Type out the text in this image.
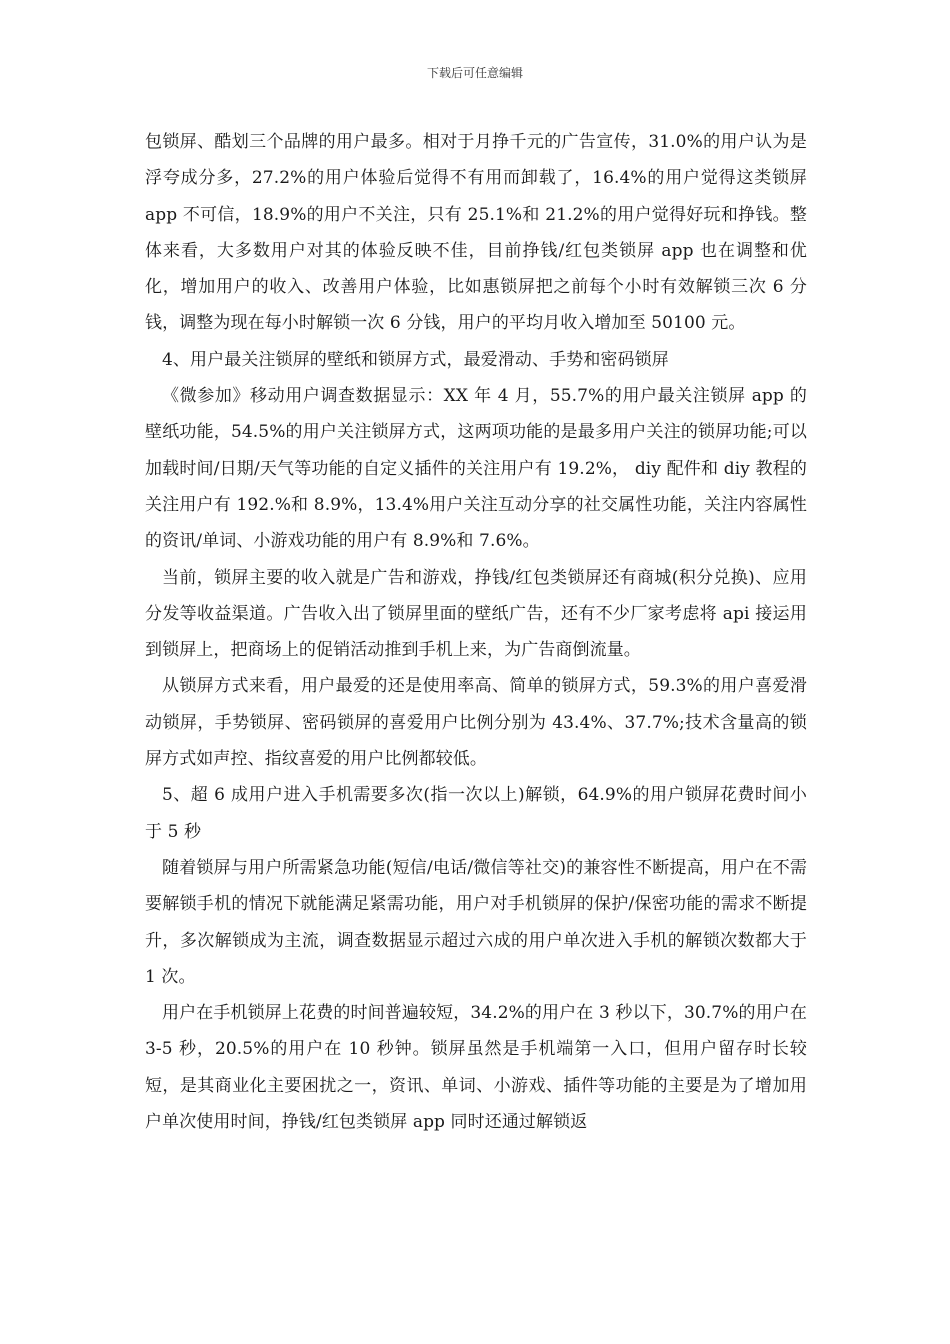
下载后可任意编辑

包锁屏、酷划三个品牌的用户最多。相对于月挣千元的广告宣传，31.0%的用户认为是浮夸成分多，27.2%的用户体验后觉得不有用而卸载了，16.4%的用户觉得这类锁屏 app 不可信，18.9%的用户不关注，只有 25.1%和 21.2%的用户觉得好玩和挣钱。整体来看，大多数用户对其的体验反映不佳，目前挣钱/红包类锁屏 app 也在调整和优化，增加用户的收入、改善用户体验，比如惠锁屏把之前每个小时有效解锁三次 6 分钱，调整为现在每小时解锁一次 6 分钱，用户的平均月收入增加至 50100 元。

4、用户最关注锁屏的壁纸和锁屏方式，最爱滑动、手势和密码锁屏

《微参加》移动用户调查数据显示：XX 年 4 月，55.7%的用户最关注锁屏 app 的壁纸功能，54.5%的用户关注锁屏方式，这两项功能的是最多用户关注的锁屏功能;可以加载时间/日期/天气等功能的自定义插件的关注用户有 19.2%， diy 配件和 diy 教程的关注用户有 192.%和 8.9%，13.4%用户关注互动分享的社交属性功能，关注内容属性的资讯/单词、小游戏功能的用户有 8.9%和 7.6%。

当前，锁屏主要的收入就是广告和游戏，挣钱/红包类锁屏还有商城(积分兑换)、应用分发等收益渠道。广告收入出了锁屏里面的壁纸广告，还有不少厂家考虑将 api 接运用到锁屏上，把商场上的促销活动推到手机上来，为广告商倒流量。

从锁屏方式来看，用户最爱的还是使用率高、简单的锁屏方式，59.3%的用户喜爱滑动锁屏，手势锁屏、密码锁屏的喜爱用户比例分别为 43.4%、37.7%;技术含量高的锁屏方式如声控、指纹喜爱的用户比例都较低。

5、超 6 成用户进入手机需要多次(指一次以上)解锁，64.9%的用户锁屏花费时间小于 5 秒

随着锁屏与用户所需紧急功能(短信/电话/微信等社交)的兼容性不断提高，用户在不需要解锁手机的情况下就能满足紧需功能，用户对手机锁屏的保护/保密功能的需求不断提升，多次解锁成为主流，调查数据显示超过六成的用户单次进入手机的解锁次数都大于 1 次。

用户在手机锁屏上花费的时间普遍较短，34.2%的用户在 3 秒以下，30.7%的用户在 3-5 秒，20.5%的用户在 10 秒钟。锁屏虽然是手机端第一入口，但用户留存时长较短，是其商业化主要困扰之一，资讯、单词、小游戏、插件等功能的主要是为了增加用户单次使用时间，挣钱/红包类锁屏 app 同时还通过解锁返
